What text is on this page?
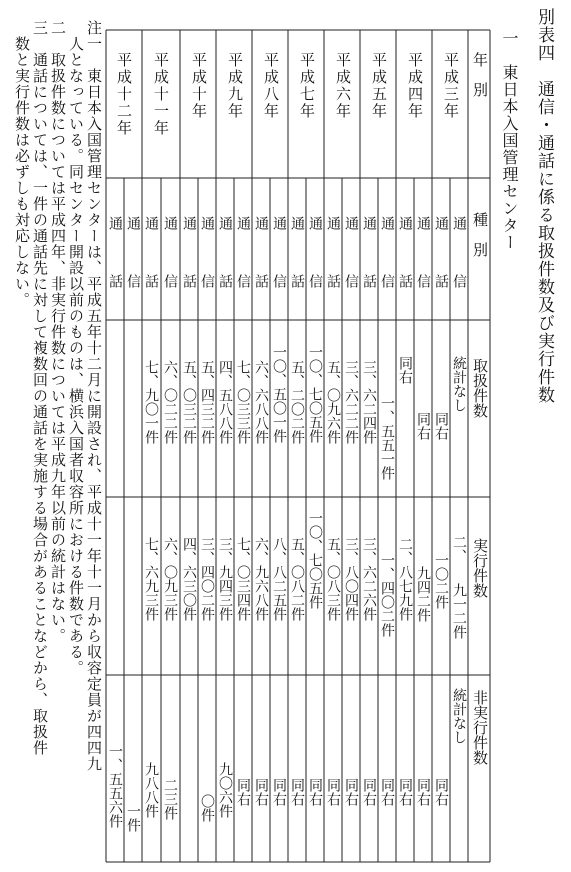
別表四　通信・通話に係る取扱件数及び実行件数
一　東日本入国管理センター
年　別
種　別
取扱件数
実行件数
非実行件数
平成三年
平成四年
平成五年
平成六年
平成七年
平成八年
平成九年
平成十年
平成十一年
平成十二年
通信
統計なし
二、
統計なし
通話
同右
一〇二件
同右
九一二件
通信
同右
九四二件
同右
通話
同右
二、八七九件
同右
通信
一、五五一件
一、四〇二件
同右
通話
三、六二四件
三、六二六件
同右
通信
三、六二二件
三、八〇四件
同右
通話
五、〇九六件
五、〇八三件
同右
通信
一〇、七〇五件
一〇、七〇五件
同右
通話
五、二〇二件
五、〇八二件
同右
通信
一〇、五〇一件
八、八二五件
同右
通話
六、六八八件
六、九六八件
同右
通信
七、〇三三件
七、〇三四件
同右
通話
四、五八八件
三、九四三件
九〇六件
通信
五、四三二件
三、四〇二件
〇件
通話
五、〇三二件
四、六三〇件
二三件
通信
六、〇二二件
六、〇九三件
九八八件
通話
七、九〇一件
七、六九三件
一件
通信
一、五五六件
通話
注一　東日本入国管理センターは、平成五年十二月に開設され、平成十一年十一月から収容定員が四四九
人となっている。同センター開設以前のものは、横浜入国者収容所における件数である。
二　取扱件数については平成四年、非実行件数については平成九年以前の統計はない。
三　通話については、一件の通話先に対して複数回の通話を実施する場合があることなどから、取扱件
数と実行件数は必ずしも対応しない。
